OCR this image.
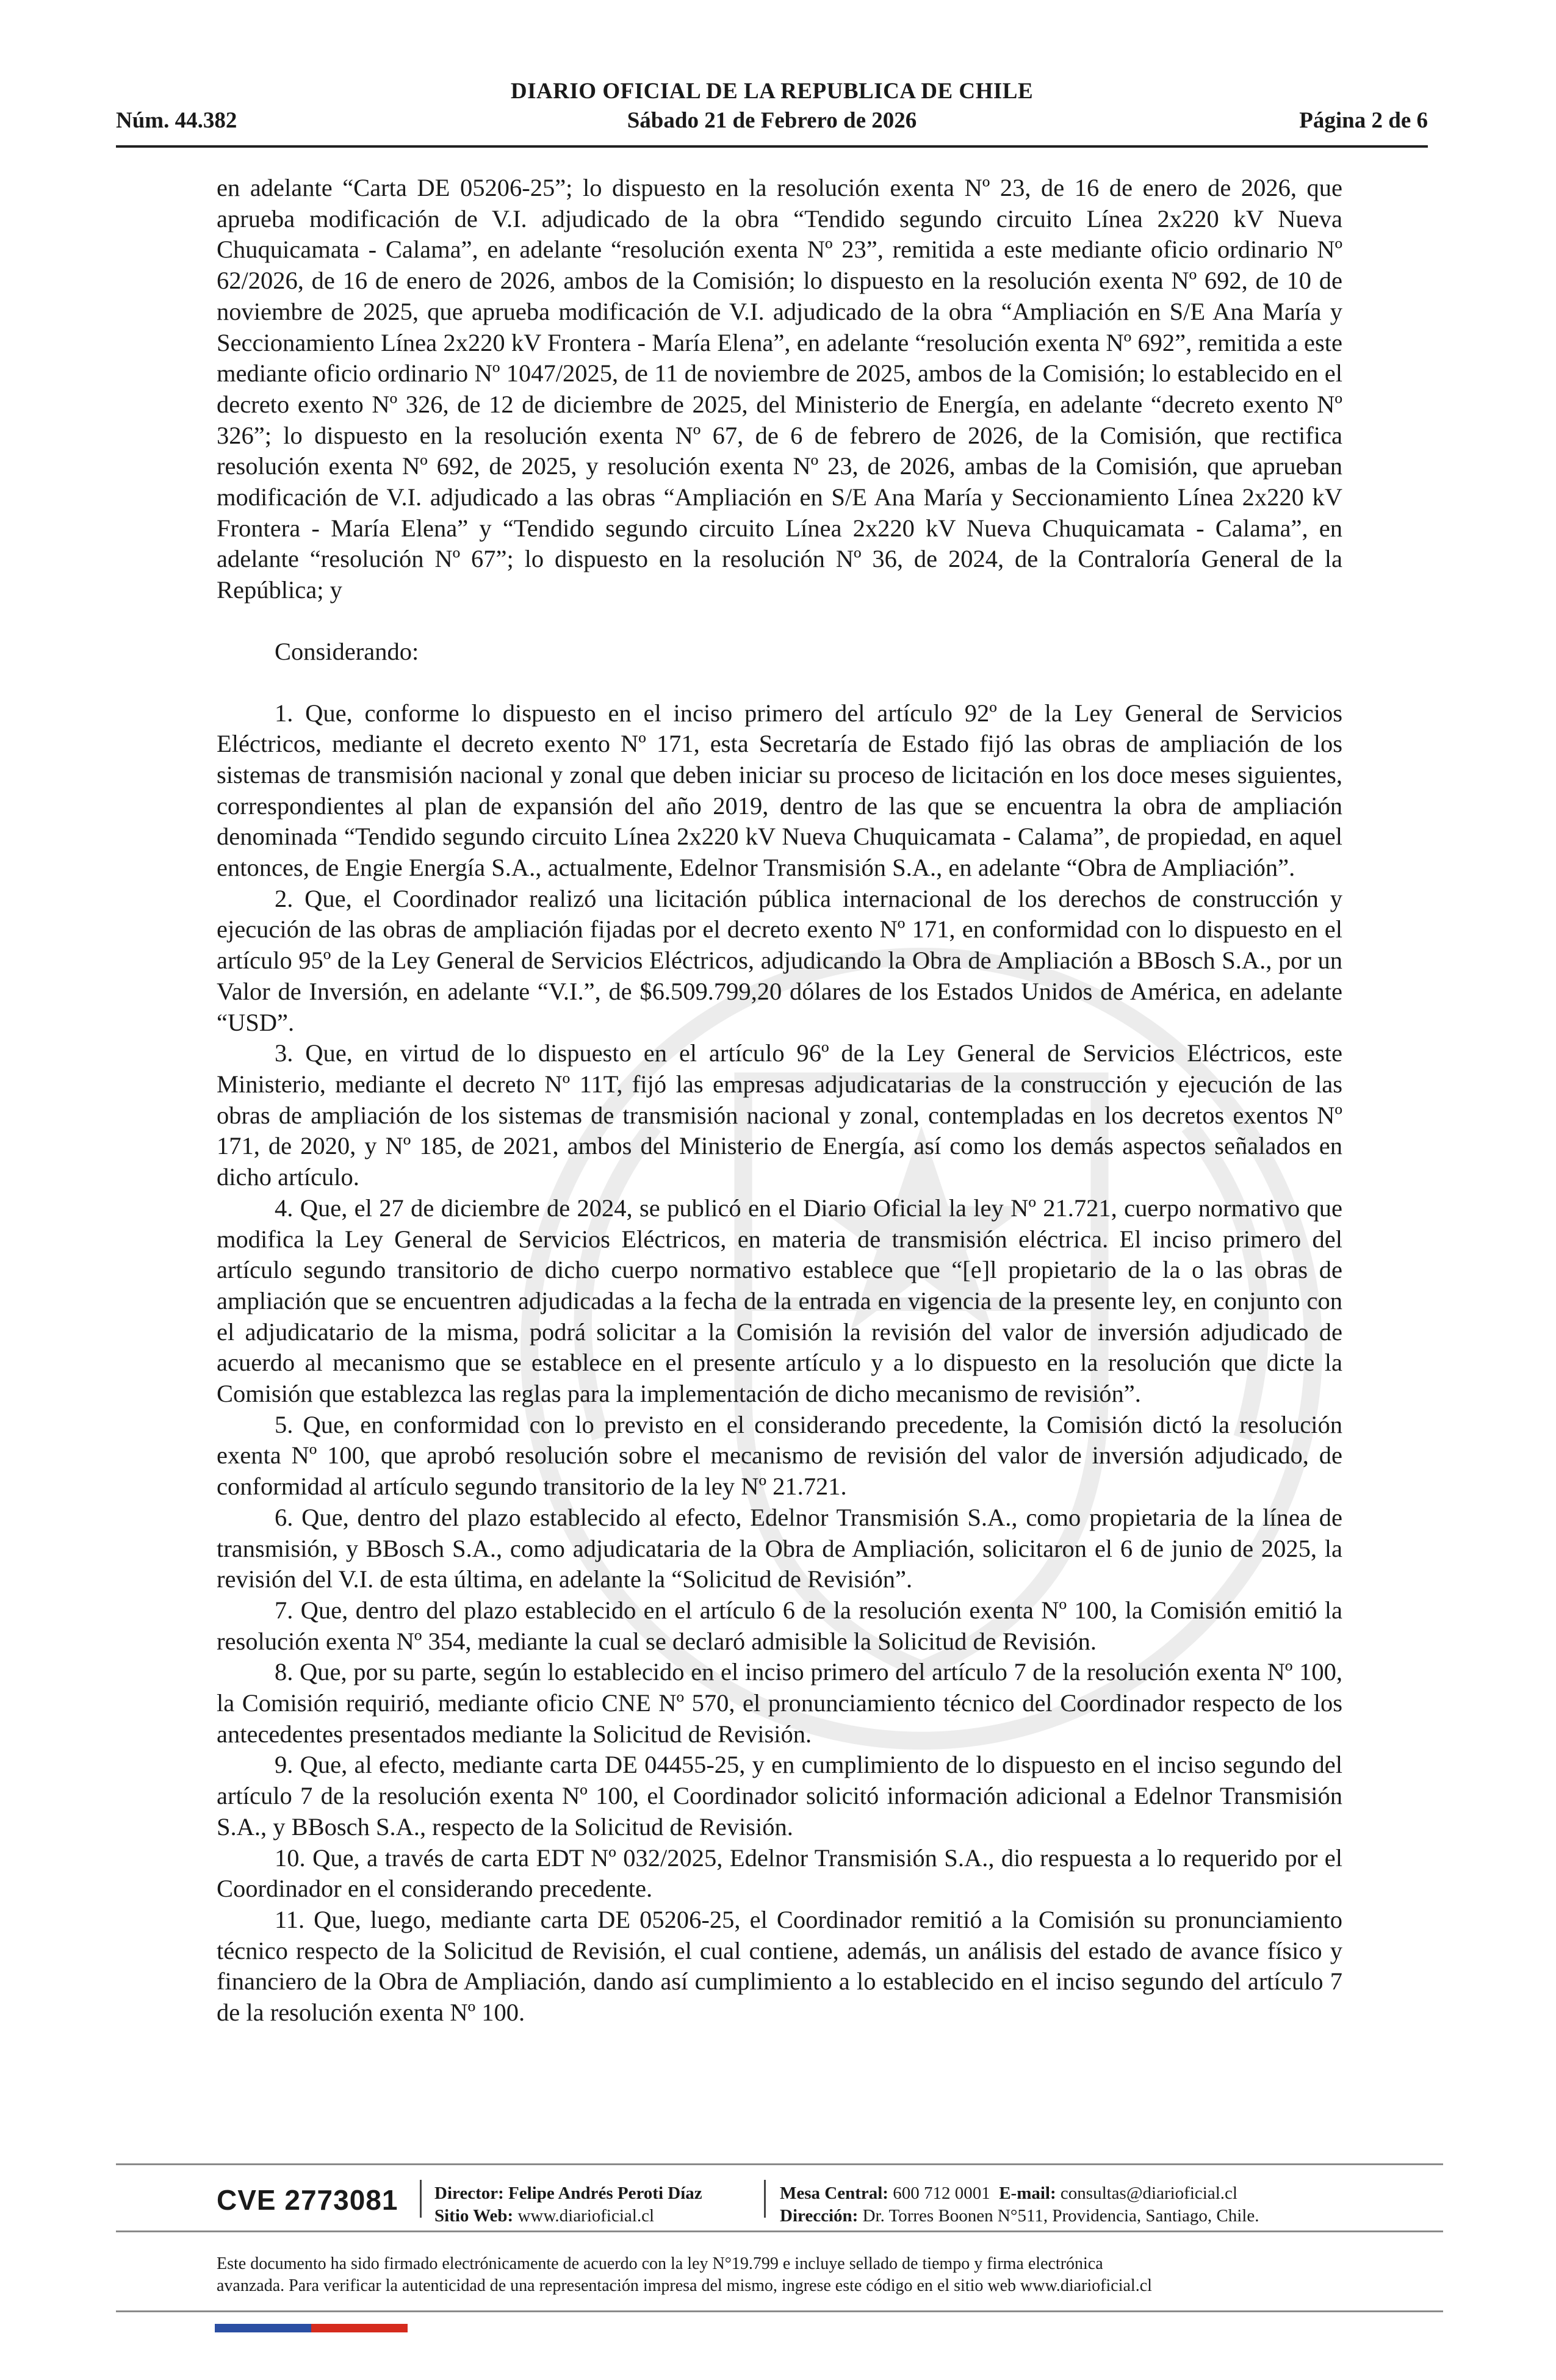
DIARIO OFICIAL DE LA REPUBLICA DE CHILE
Núm. 44.382	Sábado 21 de Febrero de 2026	Página 2 de 6

en adelante “Carta DE 05206-25”; lo dispuesto en la resolución exenta Nº 23, de 16 de enero de 2026, que aprueba modificación de V.I. adjudicado de la obra “Tendido segundo circuito Línea 2x220 kV Nueva Chuquicamata - Calama”, en adelante “resolución exenta Nº 23”, remitida a este mediante oficio ordinario Nº 62/2026, de 16 de enero de 2026, ambos de la Comisión; lo dispuesto en la resolución exenta Nº 692, de 10 de noviembre de 2025, que aprueba modificación de V.I. adjudicado de la obra “Ampliación en S/E Ana María y Seccionamiento Línea 2x220 kV Frontera - María Elena”, en adelante “resolución exenta Nº 692”, remitida a este mediante oficio ordinario Nº 1047/2025, de 11 de noviembre de 2025, ambos de la Comisión; lo establecido en el decreto exento Nº 326, de 12 de diciembre de 2025, del Ministerio de Energía, en adelante “decreto exento Nº 326”; lo dispuesto en la resolución exenta Nº 67, de 6 de febrero de 2026, de la Comisión, que rectifica resolución exenta Nº 692, de 2025, y resolución exenta Nº 23, de 2026, ambas de la Comisión, que aprueban modificación de V.I. adjudicado a las obras “Ampliación en S/E Ana María y Seccionamiento Línea 2x220 kV Frontera - María Elena” y “Tendido segundo circuito Línea 2x220 kV Nueva Chuquicamata - Calama”, en adelante “resolución Nº 67”; lo dispuesto en la resolución Nº 36, de 2024, de la Contraloría General de la República; y

Considerando:

1. Que, conforme lo dispuesto en el inciso primero del artículo 92º de la Ley General de Servicios Eléctricos, mediante el decreto exento Nº 171, esta Secretaría de Estado fijó las obras de ampliación de los sistemas de transmisión nacional y zonal que deben iniciar su proceso de licitación en los doce meses siguientes, correspondientes al plan de expansión del año 2019, dentro de las que se encuentra la obra de ampliación denominada “Tendido segundo circuito Línea 2x220 kV Nueva Chuquicamata - Calama”, de propiedad, en aquel entonces, de Engie Energía S.A., actualmente, Edelnor Transmisión S.A., en adelante “Obra de Ampliación”.

2. Que, el Coordinador realizó una licitación pública internacional de los derechos de construcción y ejecución de las obras de ampliación fijadas por el decreto exento Nº 171, en conformidad con lo dispuesto en el artículo 95º de la Ley General de Servicios Eléctricos, adjudicando la Obra de Ampliación a BBosch S.A., por un Valor de Inversión, en adelante “V.I.”, de $6.509.799,20 dólares de los Estados Unidos de América, en adelante “USD”.

3. Que, en virtud de lo dispuesto en el artículo 96º de la Ley General de Servicios Eléctricos, este Ministerio, mediante el decreto Nº 11T, fijó las empresas adjudicatarias de la construcción y ejecución de las obras de ampliación de los sistemas de transmisión nacional y zonal, contempladas en los decretos exentos Nº 171, de 2020, y Nº 185, de 2021, ambos del Ministerio de Energía, así como los demás aspectos señalados en dicho artículo.

4. Que, el 27 de diciembre de 2024, se publicó en el Diario Oficial la ley Nº 21.721, cuerpo normativo que modifica la Ley General de Servicios Eléctricos, en materia de transmisión eléctrica. El inciso primero del artículo segundo transitorio de dicho cuerpo normativo establece que “[e]l propietario de la o las obras de ampliación que se encuentren adjudicadas a la fecha de la entrada en vigencia de la presente ley, en conjunto con el adjudicatario de la misma, podrá solicitar a la Comisión la revisión del valor de inversión adjudicado de acuerdo al mecanismo que se establece en el presente artículo y a lo dispuesto en la resolución que dicte la Comisión que establezca las reglas para la implementación de dicho mecanismo de revisión”.

5. Que, en conformidad con lo previsto en el considerando precedente, la Comisión dictó la resolución exenta Nº 100, que aprobó resolución sobre el mecanismo de revisión del valor de inversión adjudicado, de conformidad al artículo segundo transitorio de la ley Nº 21.721.

6. Que, dentro del plazo establecido al efecto, Edelnor Transmisión S.A., como propietaria de la línea de transmisión, y BBosch S.A., como adjudicataria de la Obra de Ampliación, solicitaron el 6 de junio de 2025, la revisión del V.I. de esta última, en adelante la “Solicitud de Revisión”.

7. Que, dentro del plazo establecido en el artículo 6 de la resolución exenta Nº 100, la Comisión emitió la resolución exenta Nº 354, mediante la cual se declaró admisible la Solicitud de Revisión.

8. Que, por su parte, según lo establecido en el inciso primero del artículo 7 de la resolución exenta Nº 100, la Comisión requirió, mediante oficio CNE Nº 570, el pronunciamiento técnico del Coordinador respecto de los antecedentes presentados mediante la Solicitud de Revisión.

9. Que, al efecto, mediante carta DE 04455-25, y en cumplimiento de lo dispuesto en el inciso segundo del artículo 7 de la resolución exenta Nº 100, el Coordinador solicitó información adicional a Edelnor Transmisión S.A., y BBosch S.A., respecto de la Solicitud de Revisión.

10. Que, a través de carta EDT Nº 032/2025, Edelnor Transmisión S.A., dio respuesta a lo requerido por el Coordinador en el considerando precedente.

11. Que, luego, mediante carta DE 05206-25, el Coordinador remitió a la Comisión su pronunciamiento técnico respecto de la Solicitud de Revisión, el cual contiene, además, un análisis del estado de avance físico y financiero de la Obra de Ampliación, dando así cumplimiento a lo establecido en el inciso segundo del artículo 7 de la resolución exenta Nº 100.

CVE 2773081 Director: Felipe Andrés Peroti Díaz
Sitio Web: www.diarioficial.cl
Mesa Central: 600 712 0001 E-mail: consultas@diarioficial.cl
Dirección: Dr. Torres Boonen N°511, Providencia, Santiago, Chile.
Este documento ha sido firmado electrónicamente de acuerdo con la ley N°19.799 e incluye sellado de tiempo y firma electrónica
avanzada. Para verificar la autenticidad de una representación impresa del mismo, ingrese este código en el sitio web www.diarioficial.cl
